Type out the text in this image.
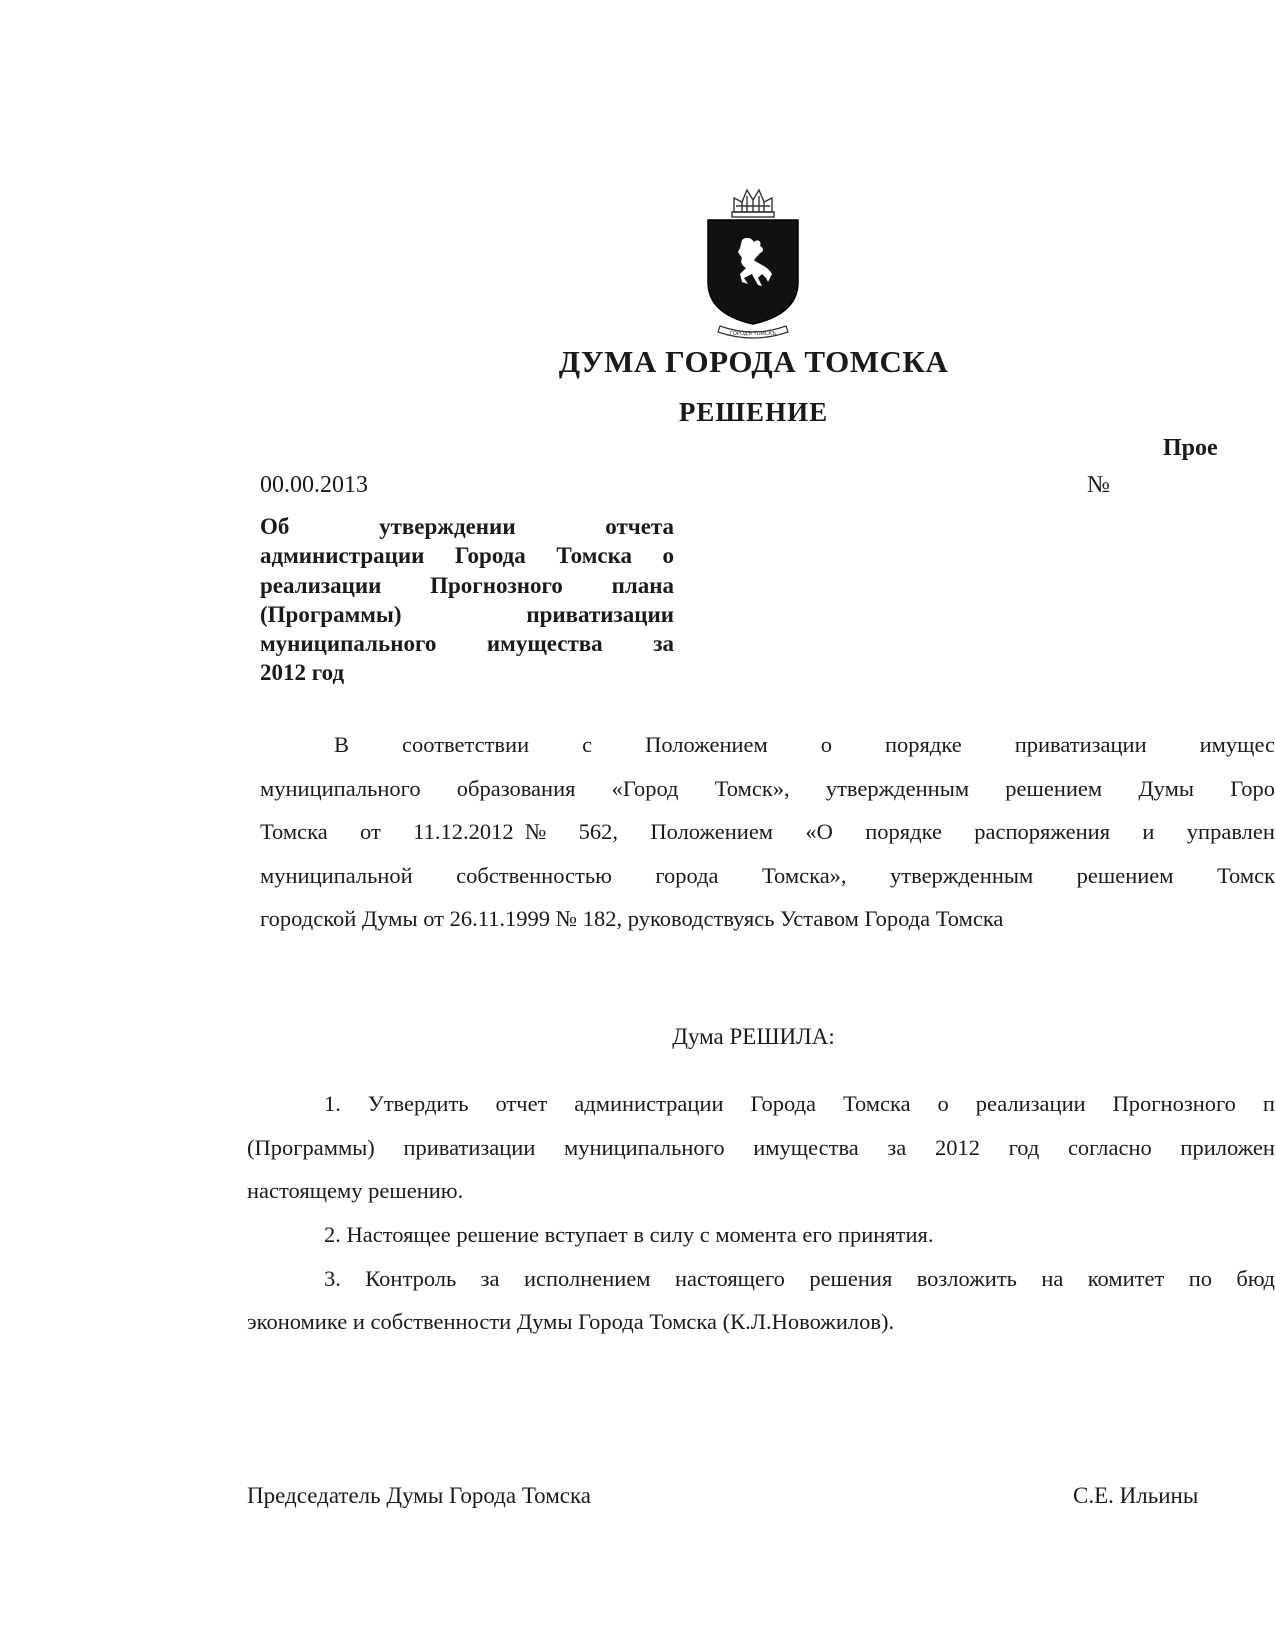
ГОРОДЪ ТОМСКЪ
ДУМА ГОРОДА ТОМСКА
РЕШЕНИЕ
Прое
00.00.2013	№
Об утверждении отчета
администрации Города Томска о
реализации Прогнозного плана
(Программы) приватизации
муниципального имущества за
2012 год
В соответствии с Положением о порядке приватизации имущес
муниципального образования «Город Томск», утвержденным решением Думы Горо
Томска от 11.12.2012  № 562, Положением «О порядке распоряжения и управлен
муниципальной собственностью города Томска», утвержденным решением Томск
городской Думы от 26.11.1999 № 182, руководствуясь Уставом Города Томска
Дума РЕШИЛА:
1. Утвердить отчет администрации Города Томска о реализации Прогнозного п
(Программы) приватизации муниципального имущества за 2012 год согласно приложен
настоящему решению.
2. Настоящее решение вступает в силу с момента его принятия.
3. Контроль за исполнением настоящего решения возложить на комитет по бюд
экономике и собственности Думы Города Томска (К.Л.Новожилов).
Председатель Думы Города Томска	С.Е. Ильины
